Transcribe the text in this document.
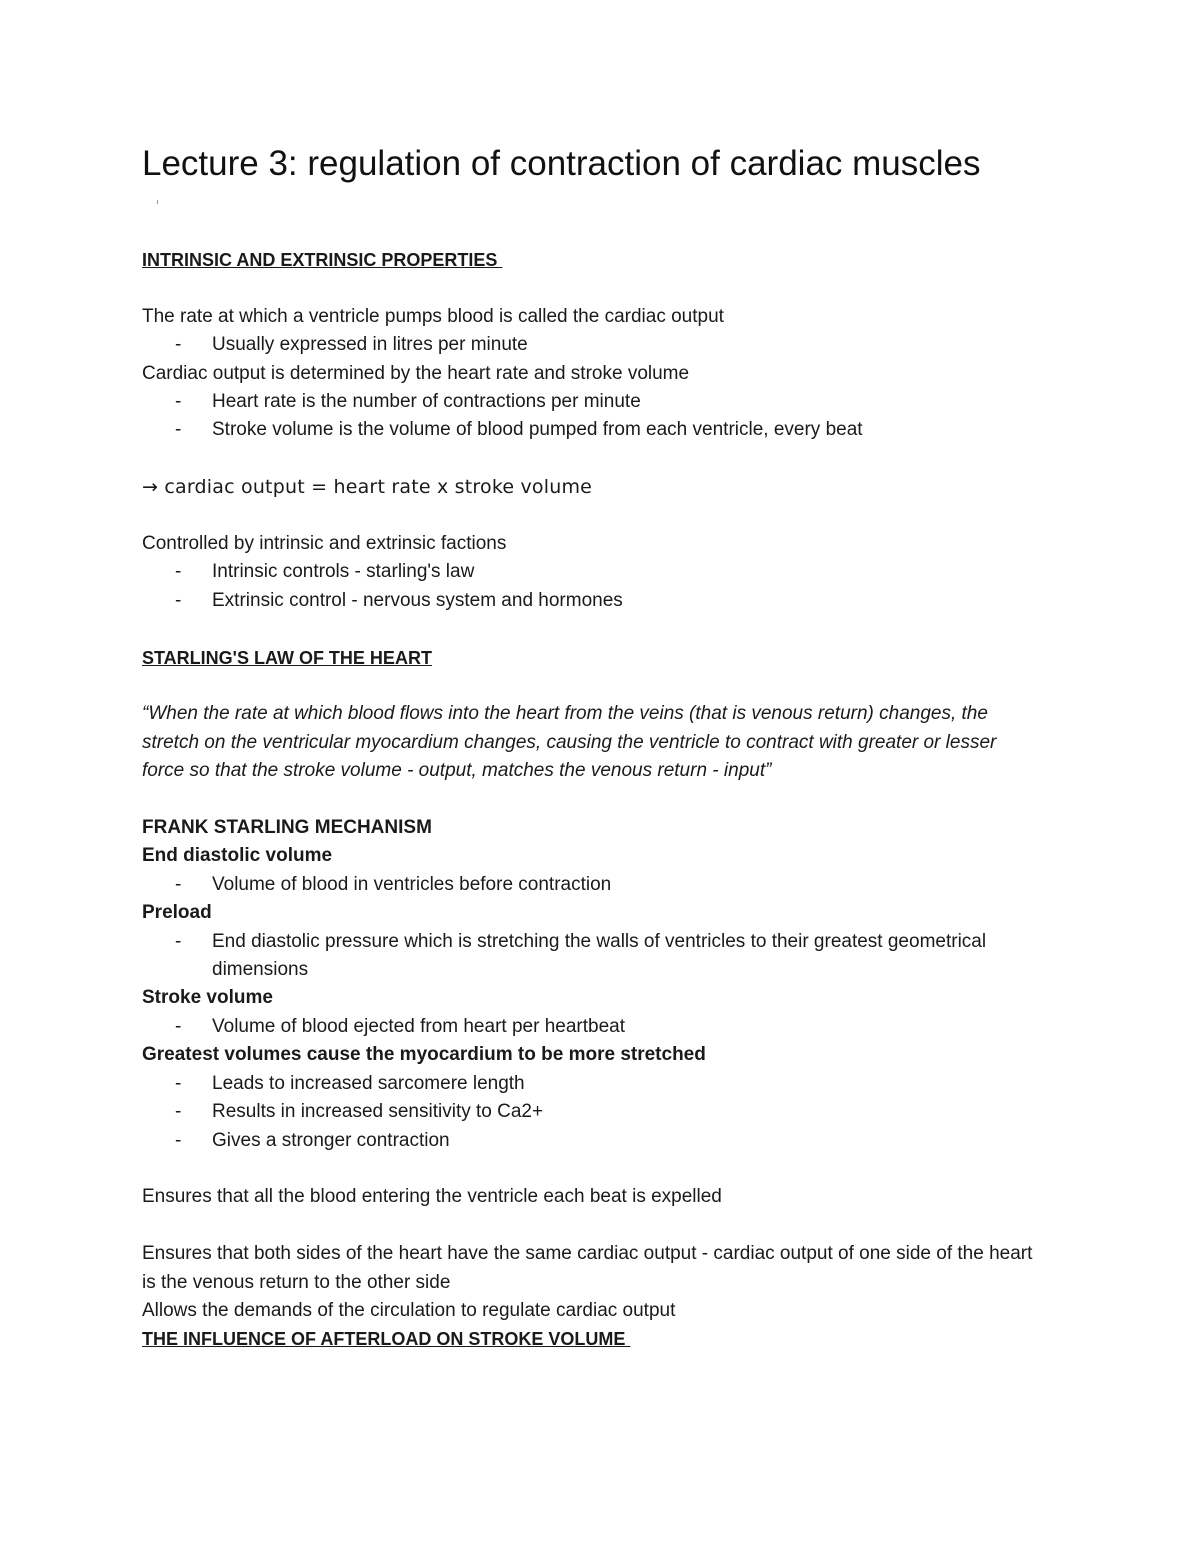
Lecture 3: regulation of contraction of cardiac muscles

INTRINSIC AND EXTRINSIC PROPERTIES

The rate at which a ventricle pumps blood is called the cardiac output

- Usually expressed in litres per minute

Cardiac output is determined by the heart rate and stroke volume

- Heart rate is the number of contractions per minute

- Stroke volume is the volume of blood pumped from each ventricle, every beat

→ cardiac output = heart rate x stroke volume

Controlled by intrinsic and extrinsic factions

- Intrinsic controls - starling's law

- Extrinsic control - nervous system and hormones

STARLING'S LAW OF THE HEART

“When the rate at which blood flows into the heart from the veins (that is venous return) changes, the stretch on the ventricular myocardium changes, causing the ventricle to contract with greater or lesser force so that the stroke volume - output, matches the venous return - input”

FRANK STARLING MECHANISM

End diastolic volume

- Volume of blood in ventricles before contraction

Preload

- End diastolic pressure which is stretching the walls of ventricles to their greatest geometrical dimensions

Stroke volume

- Volume of blood ejected from heart per heartbeat

Greatest volumes cause the myocardium to be more stretched

- Leads to increased sarcomere length

- Results in increased sensitivity to Ca2+

- Gives a stronger contraction

Ensures that all the blood entering the ventricle each beat is expelled

Ensures that both sides of the heart have the same cardiac output - cardiac output of one side of the heart is the venous return to the other side

Allows the demands of the circulation to regulate cardiac output

THE INFLUENCE OF AFTERLOAD ON STROKE VOLUME
